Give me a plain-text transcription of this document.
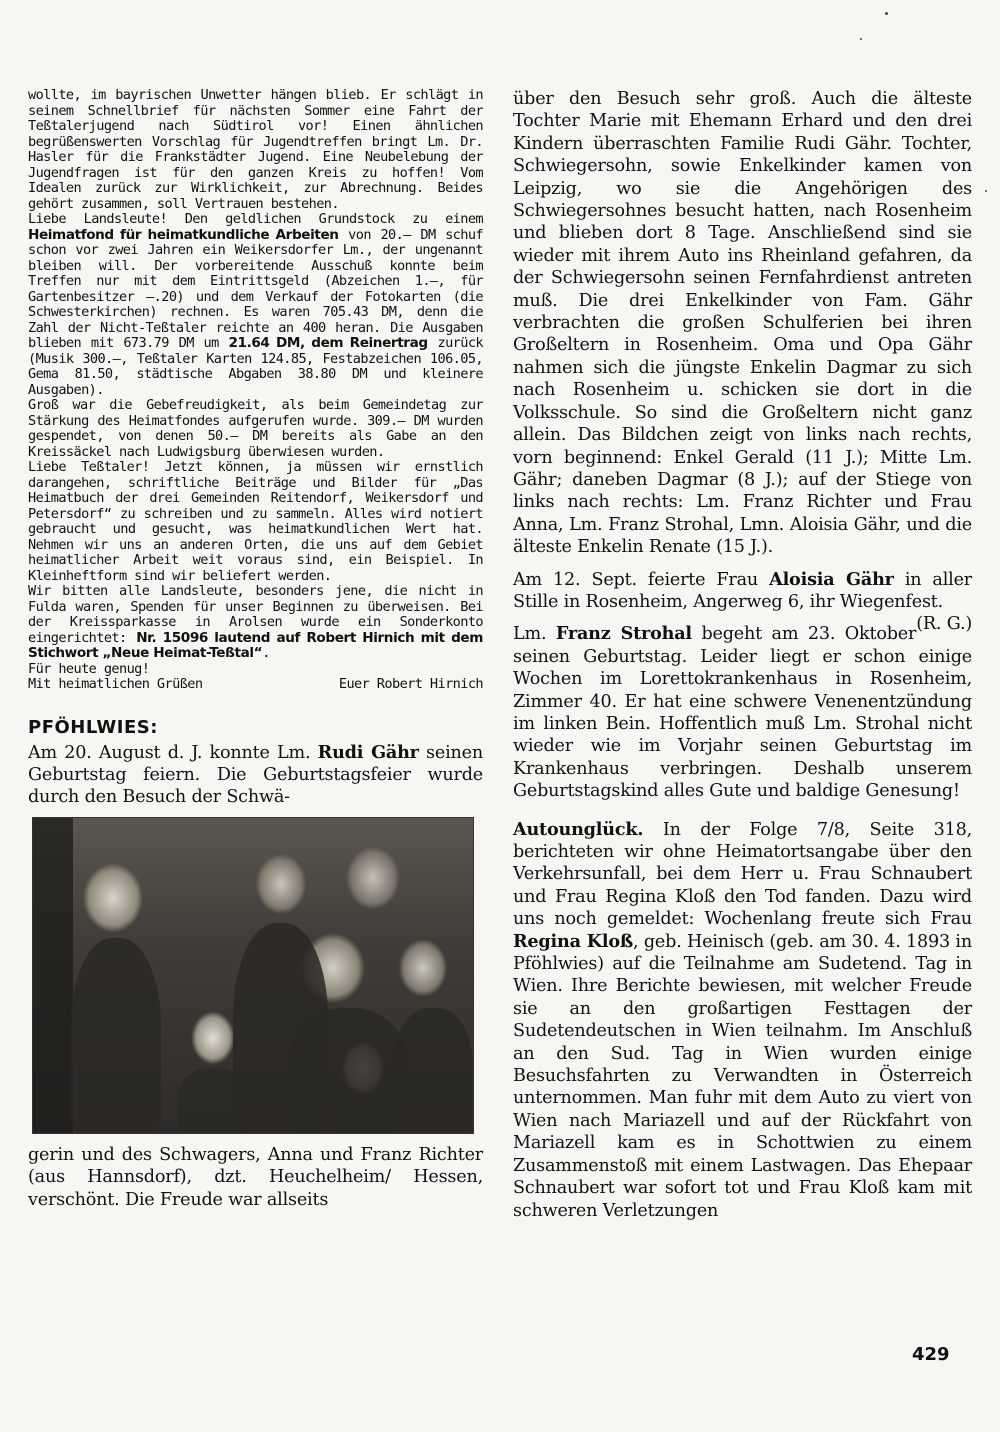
wollte, im bayrischen Unwetter hängen blieb. Er schlägt in seinem Schnellbrief für nächsten Sommer eine Fahrt der Teßtalerjugend nach Südtirol vor! Einen ähnlichen begrüßenswerten Vorschlag für Jugendtreffen bringt Lm. Dr. Hasler für die Frankstädter Jugend. Eine Neubelebung der Jugendfragen ist für den ganzen Kreis zu hoffen! Vom Idealen zurück zur Wirklichkeit, zur Abrechnung. Beides gehört zusammen, soll Vertrauen bestehen.

Liebe Landsleute! Den geldlichen Grundstock zu einem Heimatfond für heimatkundliche Arbeiten von 20.— DM schuf schon vor zwei Jahren ein Weikersdorfer Lm., der ungenannt bleiben will. Der vorbereitende Ausschuß konnte beim Treffen nur mit dem Eintrittsgeld (Abzeichen 1.—, für Gartenbesitzer —.20) und dem Verkauf der Fotokarten (die Schwesterkirchen) rechnen. Es waren 705.43 DM, denn die Zahl der Nicht-Teßtaler reichte an 400 heran. Die Ausgaben blieben mit 673.79 DM um 21.64 DM, dem Reinertrag zurück (Musik 300.—, Teßtaler Karten 124.85, Festabzeichen 106.05, Gema 81.50, städtische Abgaben 38.80 DM und kleinere Ausgaben).

Groß war die Gebefreudigkeit, als beim Gemeindetag zur Stärkung des Heimatfondes aufgerufen wurde. 309.— DM wurden gespendet, von denen 50.— DM bereits als Gabe an den Kreissäckel nach Ludwigsburg überwiesen wurden.

Liebe Teßtaler! Jetzt können, ja müssen wir ernstlich darangehen, schriftliche Beiträge und Bilder für „Das Heimatbuch der drei Gemeinden Reitendorf, Weikersdorf und Petersdorf“ zu schreiben und zu sammeln. Alles wird notiert gebraucht und gesucht, was heimatkundlichen Wert hat. Nehmen wir uns an anderen Orten, die uns auf dem Gebiet heimatlicher Arbeit weit voraus sind, ein Beispiel. In Kleinheftform sind wir beliefert werden.

Wir bitten alle Landsleute, besonders jene, die nicht in Fulda waren, Spenden für unser Beginnen zu überweisen. Bei der Kreissparkasse in Arolsen wurde ein Sonderkonto eingerichtet: Nr. 15096 lautend auf Robert Hirnich mit dem Stichwort „Neue Heimat-Teßtal“.

Für heute genug!

Mit heimatlichen Grüßen	Euer Robert Hirnich

PFÖHLWIES:

Am 20. August d. J. konnte Lm. Rudi Gähr seinen Geburtstag feiern. Die Geburtstagsfeier wurde durch den Besuch der Schwä-

gerin und des Schwagers, Anna und Franz Richter (aus Hannsdorf), dzt. Heuchelheim/ Hessen, verschönt. Die Freude war allseits

über den Besuch sehr groß. Auch die älteste Tochter Marie mit Ehemann Erhard und den drei Kindern überraschten Familie Rudi Gähr. Tochter, Schwiegersohn, sowie Enkelkinder kamen von Leipzig, wo sie die Angehörigen des Schwiegersohnes besucht hatten, nach Rosenheim und blieben dort 8 Tage. Anschließend sind sie wieder mit ihrem Auto ins Rheinland gefahren, da der Schwiegersohn seinen Fernfahrdienst antreten muß. Die drei Enkelkinder von Fam. Gähr verbrachten die großen Schulferien bei ihren Großeltern in Rosenheim. Oma und Opa Gähr nahmen sich die jüngste Enkelin Dagmar zu sich nach Rosenheim u. schicken sie dort in die Volksschule. So sind die Großeltern nicht ganz allein. Das Bildchen zeigt von links nach rechts, vorn beginnend: Enkel Gerald (11 J.); Mitte Lm. Gähr; daneben Dagmar (8 J.); auf der Stiege von links nach rechts: Lm. Franz Richter und Frau Anna, Lm. Franz Strohal, Lmn. Aloisia Gähr, und die älteste Enkelin Renate (15 J.).

Am 12. Sept. feierte Frau Aloisia Gähr in aller Stille in Rosenheim, Angerweg 6, ihr Wiegenfest.
(R. G.)

Lm. Franz Strohal begeht am 23. Oktober seinen Geburtstag. Leider liegt er schon einige Wochen im Lorettokrankenhaus in Rosenheim, Zimmer 40. Er hat eine schwere Venenentzündung im linken Bein. Hoffentlich muß Lm. Strohal nicht wieder wie im Vorjahr seinen Geburtstag im Krankenhaus verbringen. Deshalb unserem Geburtstagskind alles Gute und baldige Genesung!

Autounglück. In der Folge 7/8, Seite 318, berichteten wir ohne Heimatortsangabe über den Verkehrsunfall, bei dem Herr u. Frau Schnaubert und Frau Regina Kloß den Tod fanden. Dazu wird uns noch gemeldet: Wochenlang freute sich Frau Regina Kloß, geb. Heinisch (geb. am 30. 4. 1893 in Pföhlwies) auf die Teilnahme am Sudetend. Tag in Wien. Ihre Berichte bewiesen, mit welcher Freude sie an den großartigen Festtagen der Sudetendeutschen in Wien teilnahm. Im Anschluß an den Sud. Tag in Wien wurden einige Besuchsfahrten zu Verwandten in Österreich unternommen. Man fuhr mit dem Auto zu viert von Wien nach Mariazell und auf der Rückfahrt von Mariazell kam es in Schottwien zu einem Zusammenstoß mit einem Lastwagen. Das Ehepaar Schnaubert war sofort tot und Frau Kloß kam mit schweren Verletzungen

429
